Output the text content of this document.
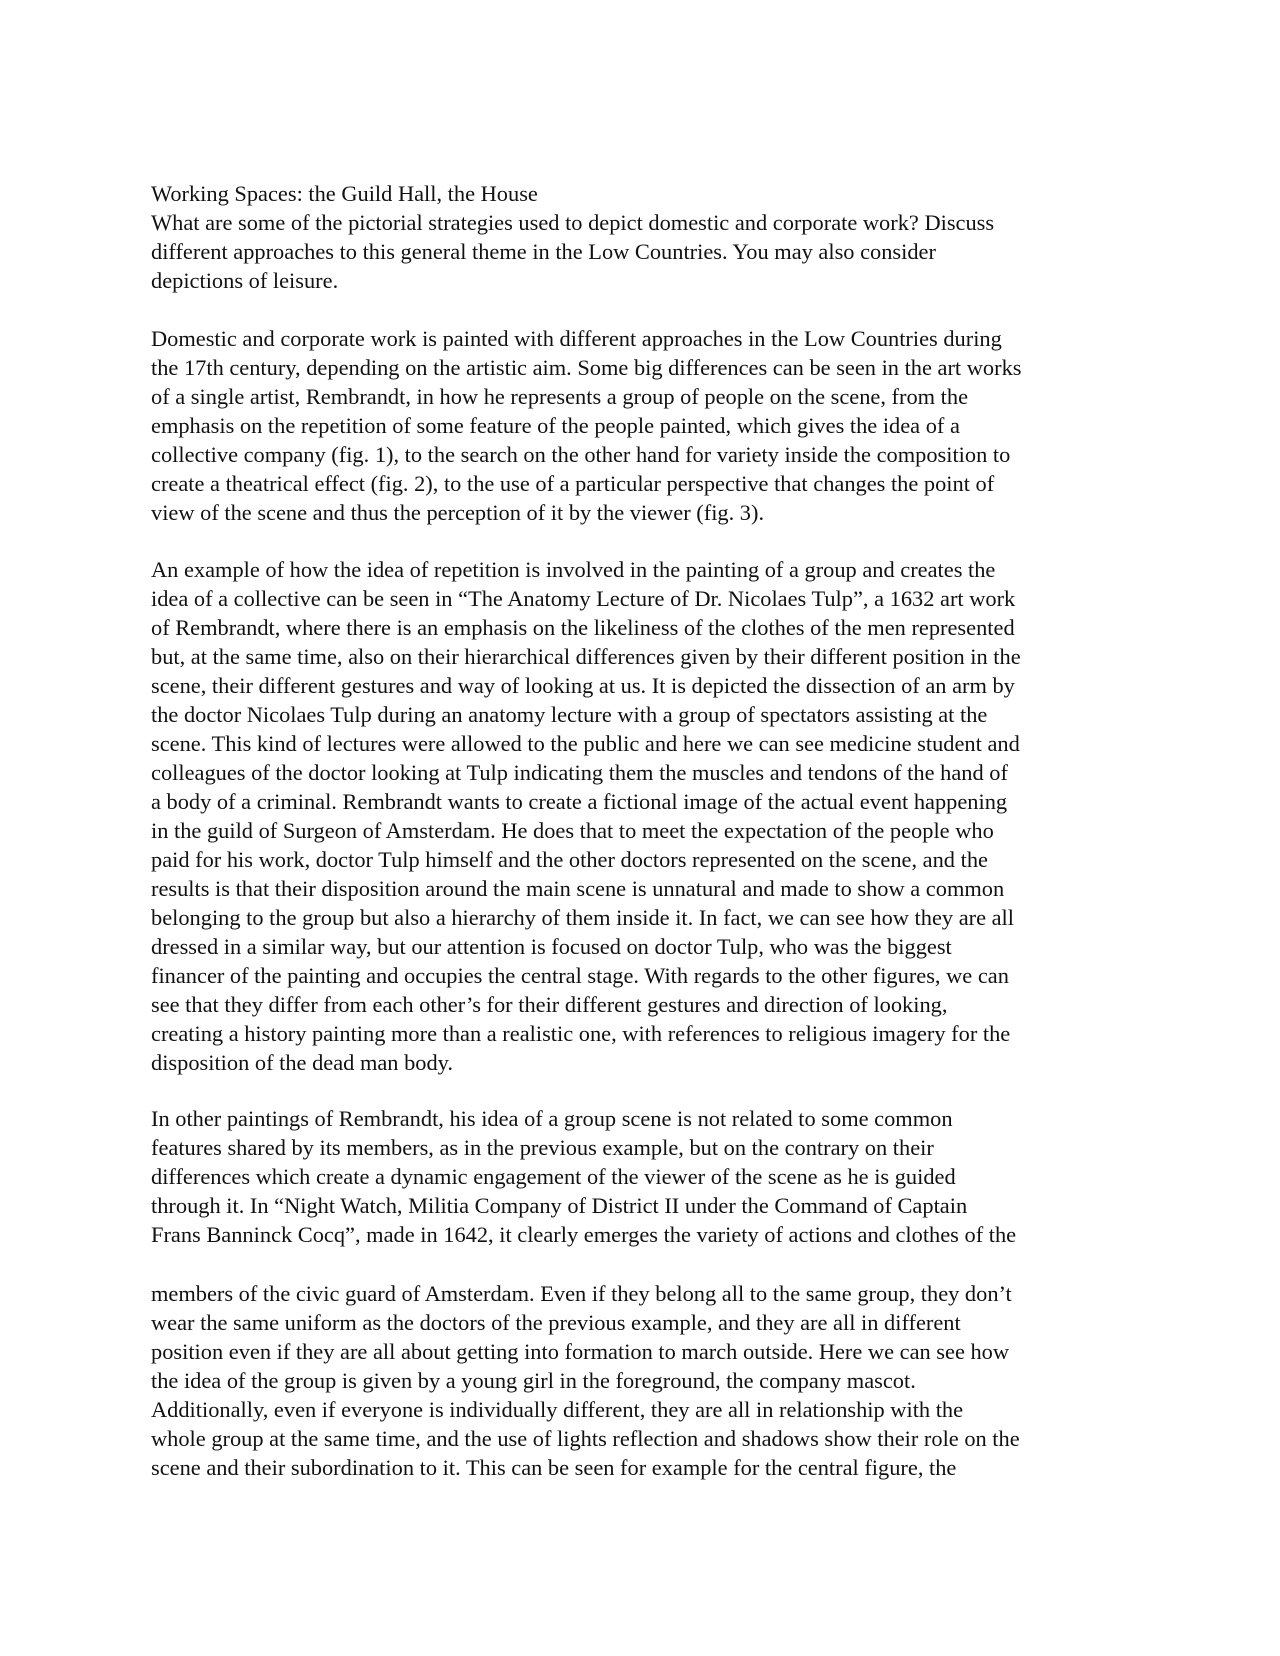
Working Spaces: the Guild Hall, the House
What are some of the pictorial strategies used to depict domestic and corporate work? Discuss
different approaches to this general theme in the Low Countries. You may also consider
depictions of leisure.
Domestic and corporate work is painted with different approaches in the Low Countries during
the 17th century, depending on the artistic aim. Some big differences can be seen in the art works
of a single artist, Rembrandt, in how he represents a group of people on the scene, from the
emphasis on the repetition of some feature of the people painted, which gives the idea of a
collective company (fig. 1), to the search on the other hand for variety inside the composition to
create a theatrical effect (fig. 2), to the use of a particular perspective that changes the point of
view of the scene and thus the perception of it by the viewer (fig. 3).
An example of how the idea of repetition is involved in the painting of a group and creates the
idea of a collective can be seen in “The Anatomy Lecture of Dr. Nicolaes Tulp”, a 1632 art work
of Rembrandt, where there is an emphasis on the likeliness of the clothes of the men represented
but, at the same time, also on their hierarchical differences given by their different position in the
scene, their different gestures and way of looking at us. It is depicted the dissection of an arm by
the doctor Nicolaes Tulp during an anatomy lecture with a group of spectators assisting at the
scene. This kind of lectures were allowed to the public and here we can see medicine student and
colleagues of the doctor looking at Tulp indicating them the muscles and tendons of the hand of
a body of a criminal. Rembrandt wants to create a fictional image of the actual event happening
in the guild of Surgeon of Amsterdam. He does that to meet the expectation of the people who
paid for his work, doctor Tulp himself and the other doctors represented on the scene, and the
results is that their disposition around the main scene is unnatural and made to show a common
belonging to the group but also a hierarchy of them inside it. In fact, we can see how they are all
dressed in a similar way, but our attention is focused on doctor Tulp, who was the biggest
financer of the painting and occupies the central stage. With regards to the other figures, we can
see that they differ from each other’s for their different gestures and direction of looking,
creating a history painting more than a realistic one, with references to religious imagery for the
disposition of the dead man body.
In other paintings of Rembrandt, his idea of a group scene is not related to some common
features shared by its members, as in the previous example, but on the contrary on their
differences which create a dynamic engagement of the viewer of the scene as he is guided
through it. In “Night Watch, Militia Company of District II under the Command of Captain
Frans Banninck Cocq”, made in 1642, it clearly emerges the variety of actions and clothes of the
members of the civic guard of Amsterdam. Even if they belong all to the same group, they don’t
wear the same uniform as the doctors of the previous example, and they are all in different
position even if they are all about getting into formation to march outside. Here we can see how
the idea of the group is given by a young girl in the foreground, the company mascot.
Additionally, even if everyone is individually different, they are all in relationship with the
whole group at the same time, and the use of lights reflection and shadows show their role on the
scene and their subordination to it. This can be seen for example for the central figure, the
